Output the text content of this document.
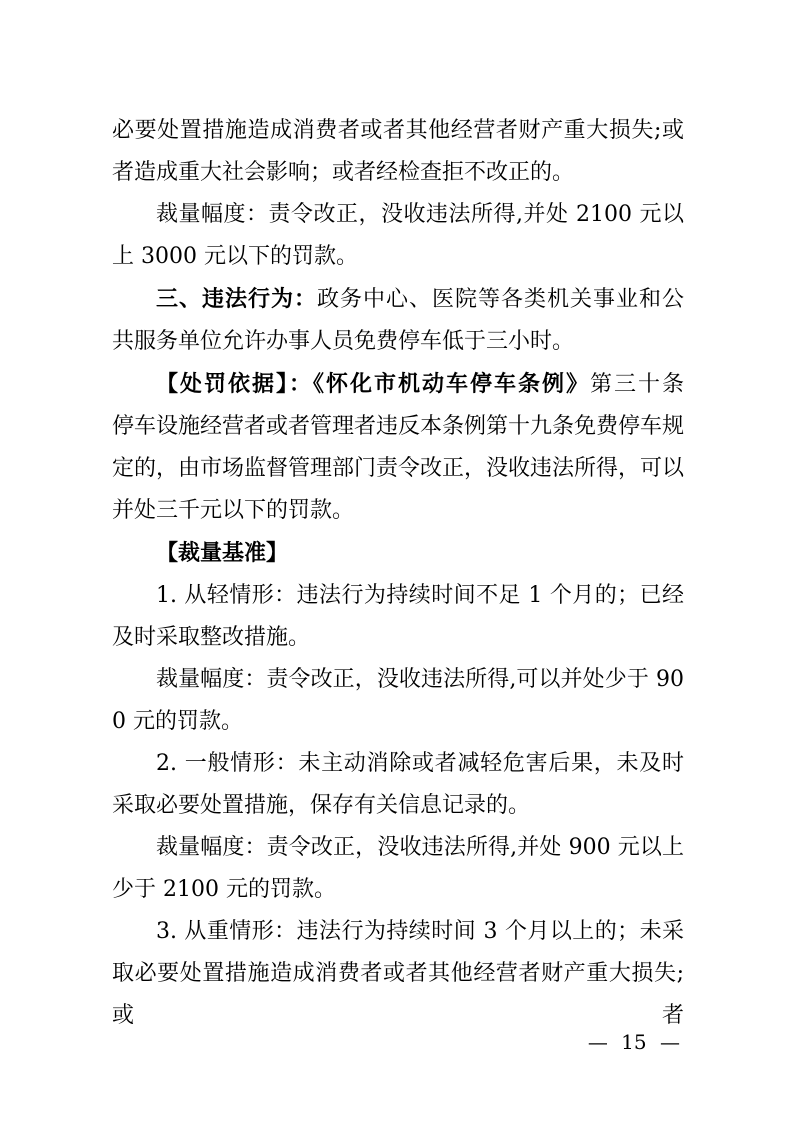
必要处置措施造成消费者或者其他经营者财产重大损失;或者造成重大社会影响；或者经检查拒不改正的。

裁量幅度：责令改正，没收违法所得,并处 2100 元以上 3000 元以下的罚款。

三、违法行为：政务中心、医院等各类机关事业和公共服务单位允许办事人员免费停车低于三小时。

【处罚依据】：《怀化市机动车停车条例》第三十条　停车设施经营者或者管理者违反本条例第十九条免费停车规定的，由市场监督管理部门责令改正，没收违法所得，可以并处三千元以下的罚款。

【裁量基准】

1. 从轻情形：违法行为持续时间不足 1 个月的；已经及时采取整改措施。

裁量幅度：责令改正，没收违法所得,可以并处少于 900 元的罚款。

2. 一般情形：未主动消除或者减轻危害后果，未及时采取必要处置措施，保存有关信息记录的。

裁量幅度：责令改正，没收违法所得,并处 900 元以上少于 2100 元的罚款。

3. 从重情形：违法行为持续时间 3 个月以上的；未采取必要处置措施造成消费者或者其他经营者财产重大损失;或者

— 15 —
